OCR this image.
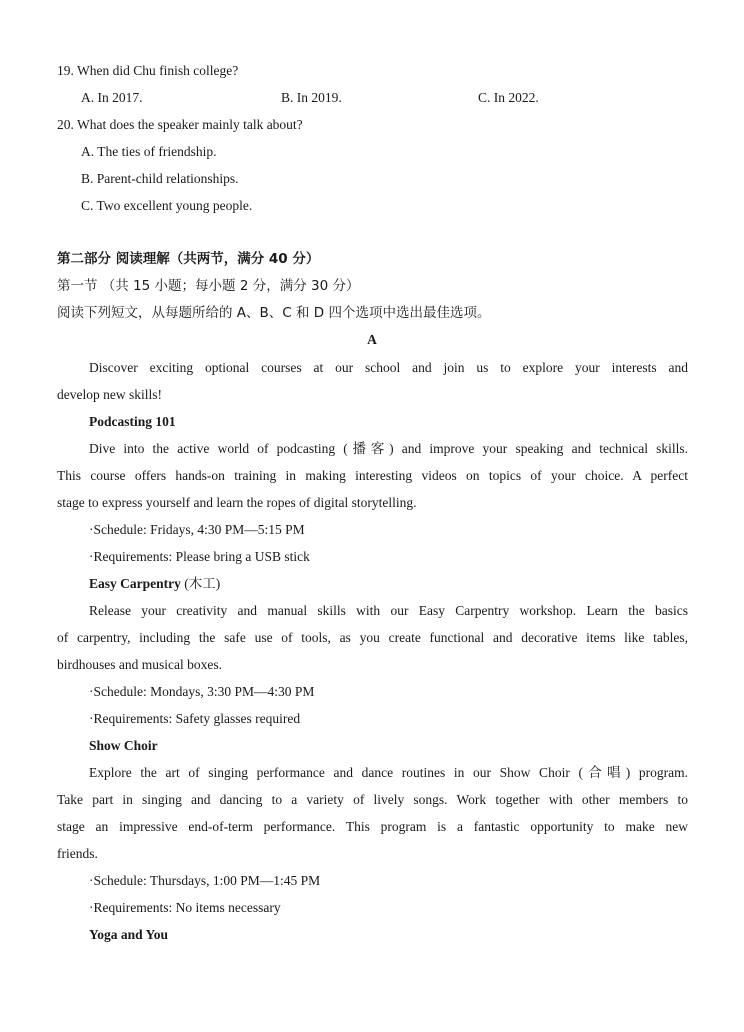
19. When did Chu finish college?
A. In 2017.	B. In 2019.	C. In 2022.
20. What does the speaker mainly talk about?
A. The ties of friendship.
B. Parent-child relationships.
C. Two excellent young people.
第二部分 阅读理解（共两节，满分 40 分）
第一节 （共 15 小题；每小题 2 分，满分 30 分）
阅读下列短文，从每题所给的 A、B、C 和 D 四个选项中选出最佳选项。
A
Discover exciting optional courses at our school and join us to explore your interests and
develop new skills!
Podcasting 101
Dive into the active world of podcasting (播客) and improve your speaking and technical skills.
This course offers hands-on training in making interesting videos on topics of your choice. A perfect
stage to express yourself and learn the ropes of digital storytelling.
·Schedule: Fridays, 4:30 PM—5:15 PM
·Requirements: Please bring a USB stick
Easy Carpentry (木工)
Release your creativity and manual skills with our Easy Carpentry workshop. Learn the basics
of carpentry, including the safe use of tools, as you create functional and decorative items like tables,
birdhouses and musical boxes.
·Schedule: Mondays, 3:30 PM—4:30 PM
·Requirements: Safety glasses required
Show Choir
Explore the art of singing performance and dance routines in our Show Choir (合唱) program.
Take part in singing and dancing to a variety of lively songs. Work together with other members to
stage an impressive end-of-term performance. This program is a fantastic opportunity to make new
friends.
·Schedule: Thursdays, 1:00 PM—1:45 PM
·Requirements: No items necessary
Yoga and You
